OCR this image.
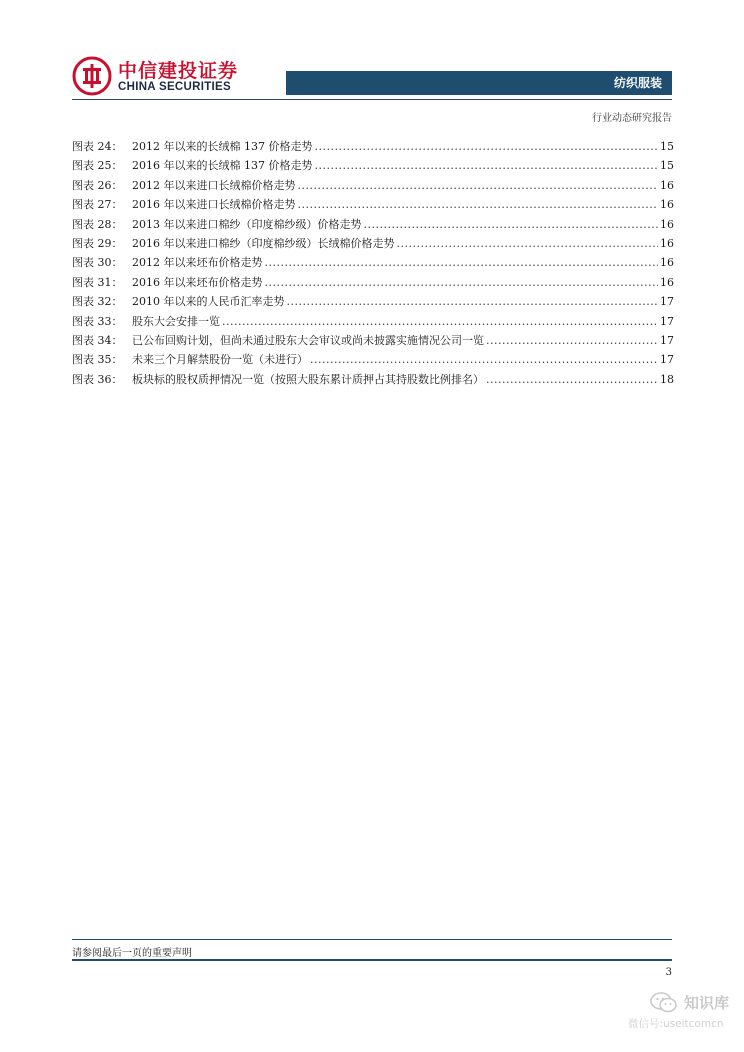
中信建投证券
CHINA SECURITIES	纺织服装
行业动态研究报告
图表 24： 2012 年以来的长绒棉 137 价格走势 .....	15
图表 25： 2016 年以来的长绒棉 137 价格走势 .....	15
图表 26： 2012 年以来进口长绒棉价格走势 .....	16
图表 27： 2016 年以来进口长绒棉价格走势 .....	16
图表 28： 2013 年以来进口棉纱（印度棉纱级）价格走势 .....	16
图表 29： 2016 年以来进口棉纱（印度棉纱级）长绒棉价格走势 .....	16
图表 30： 2012 年以来坯布价格走势 .....	16
图表 31： 2016 年以来坯布价格走势 .....	16
图表 32： 2010 年以来的人民币汇率走势 .....	17
图表 33： 股东大会安排一览 .....	17
图表 34： 已公布回购计划，但尚未通过股东大会审议或尚未披露实施情况公司一览 .....	17
图表 35： 未来三个月解禁股份一览（未进行） .....	17
图表 36： 板块标的股权质押情况一览（按照大股东累计质押占其持股数比例排名） .....	18
请参阅最后一页的重要声明
3
知识库
微信号:useitcomcn
